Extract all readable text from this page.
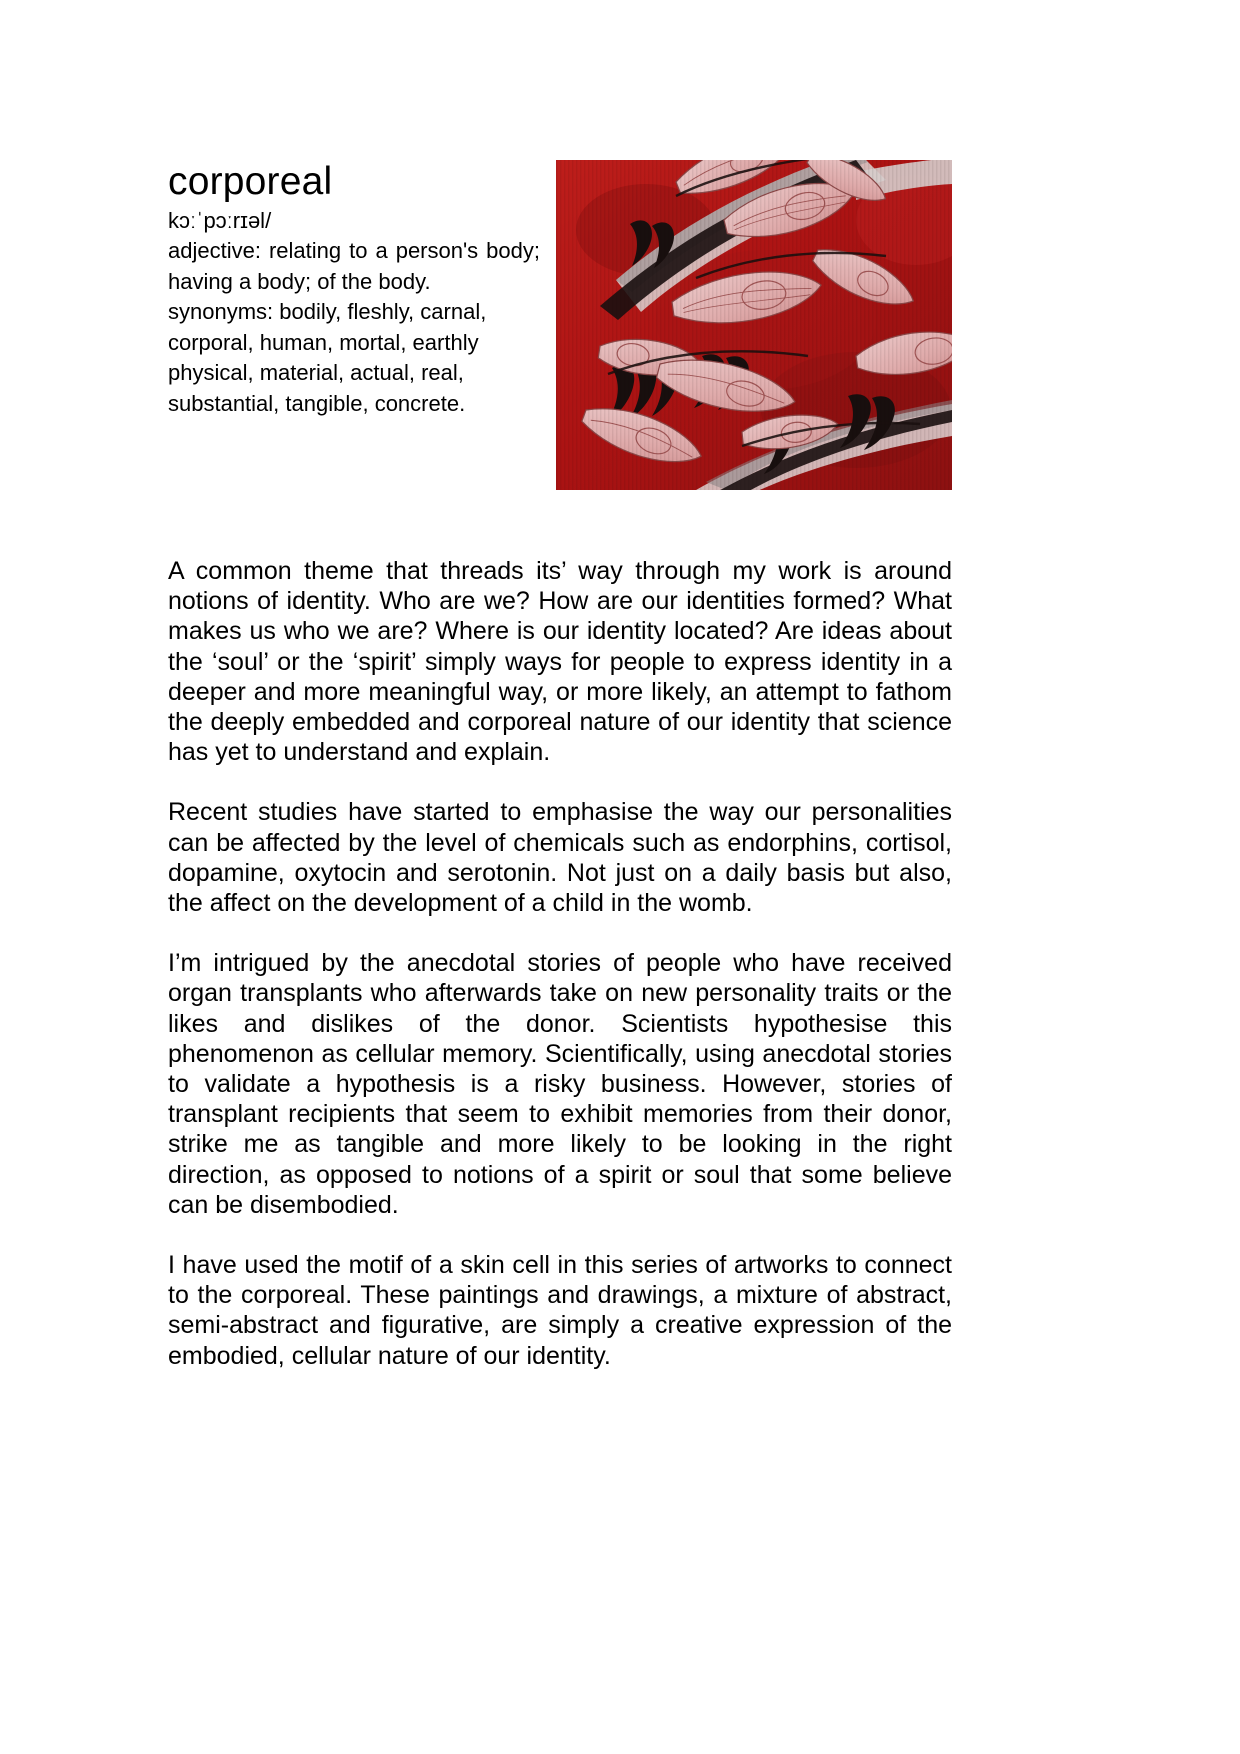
corporeal

kɔːˈpɔːrɪəl/

adjective: relating to a person's body; having a body; of the body.

synonyms: bodily, fleshly, carnal, corporal, human, mortal, earthly physical, material, actual, real, substantial, tangible, concrete.

A common theme that threads its’ way through my work is around notions of identity. Who are we? How are our identities formed? What makes us who we are? Where is our identity located? Are ideas about the ‘soul’ or the ‘spirit’ simply ways for people to express identity in a deeper and more meaningful way, or more likely, an attempt to fathom the deeply embedded and corporeal nature of our identity that science has yet to understand and explain.

Recent studies have started to emphasise the way our personalities can be affected by the level of chemicals such as endorphins, cortisol, dopamine, oxytocin and serotonin. Not just on a daily basis but also, the affect on the development of a child in the womb.

I’m intrigued by the anecdotal stories of people who have received organ transplants who afterwards take on new personality traits or the likes and dislikes of the donor. Scientists hypothesise this phenomenon as cellular memory. Scientifically, using anecdotal stories to validate a hypothesis is a risky business. However, stories of transplant recipients that seem to exhibit memories from their donor, strike me as tangible and more likely to be looking in the right direction, as opposed to notions of a spirit or soul that some believe can be disembodied.

I have used the motif of a skin cell in this series of artworks to connect to the corporeal. These paintings and drawings, a mixture of abstract, semi-abstract and figurative, are simply a creative expression of the embodied, cellular nature of our identity.
